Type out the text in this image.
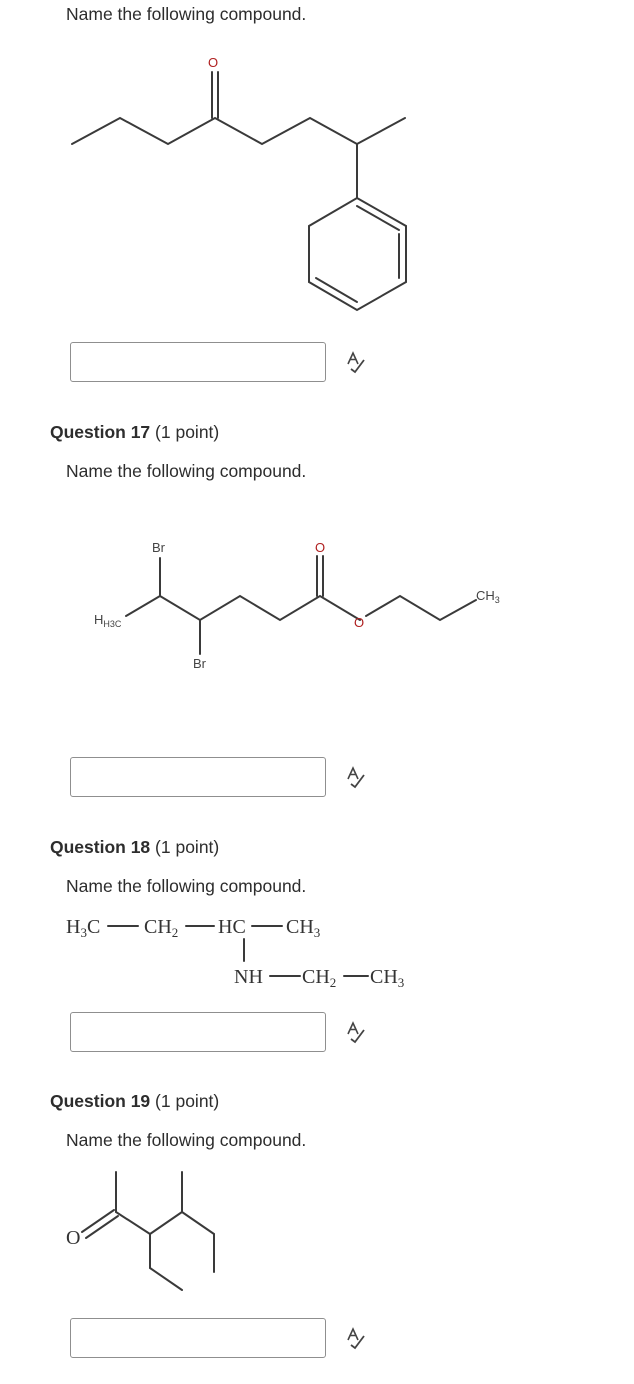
Name the following compound.
O
Question 17 (1 point)
Name the following compound.
$H_{H3C}$
Br
Br
O
O
$CH_3$
Question 18 (1 point)
Name the following compound.
$H_3C$ $CH_2$ HC $CH_3$
NH $CH_2$ $CH_3$
Question 19 (1 point)
Name the following compound.
O
